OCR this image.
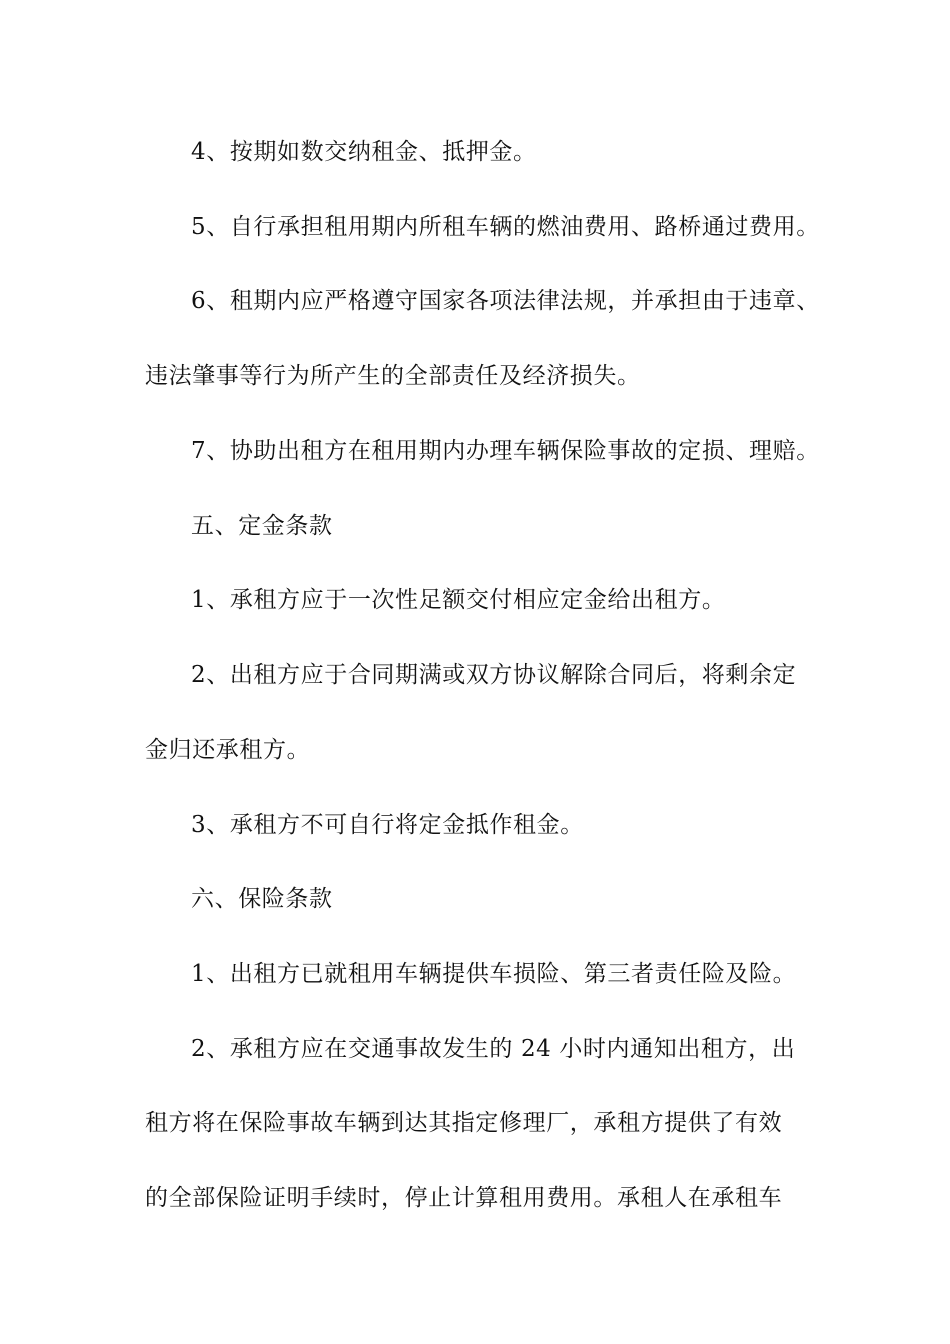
4、按期如数交纳租金、抵押金。
5、自行承担租用期内所租车辆的燃油费用、路桥通过费用。
6、租期内应严格遵守国家各项法律法规，并承担由于违章、
违法肇事等行为所产生的全部责任及经济损失。
7、协助出租方在租用期内办理车辆保险事故的定损、理赔。
五、定金条款
1、承租方应于一次性足额交付相应定金给出租方。
2、出租方应于合同期满或双方协议解除合同后，将剩余定
金归还承租方。
3、承租方不可自行将定金抵作租金。
六、保险条款
1、出租方已就租用车辆提供车损险、第三者责任险及险。
2、承租方应在交通事故发生的 24 小时内通知出租方，出
租方将在保险事故车辆到达其指定修理厂，承租方提供了有效
的全部保险证明手续时，停止计算租用费用。承租人在承租车
